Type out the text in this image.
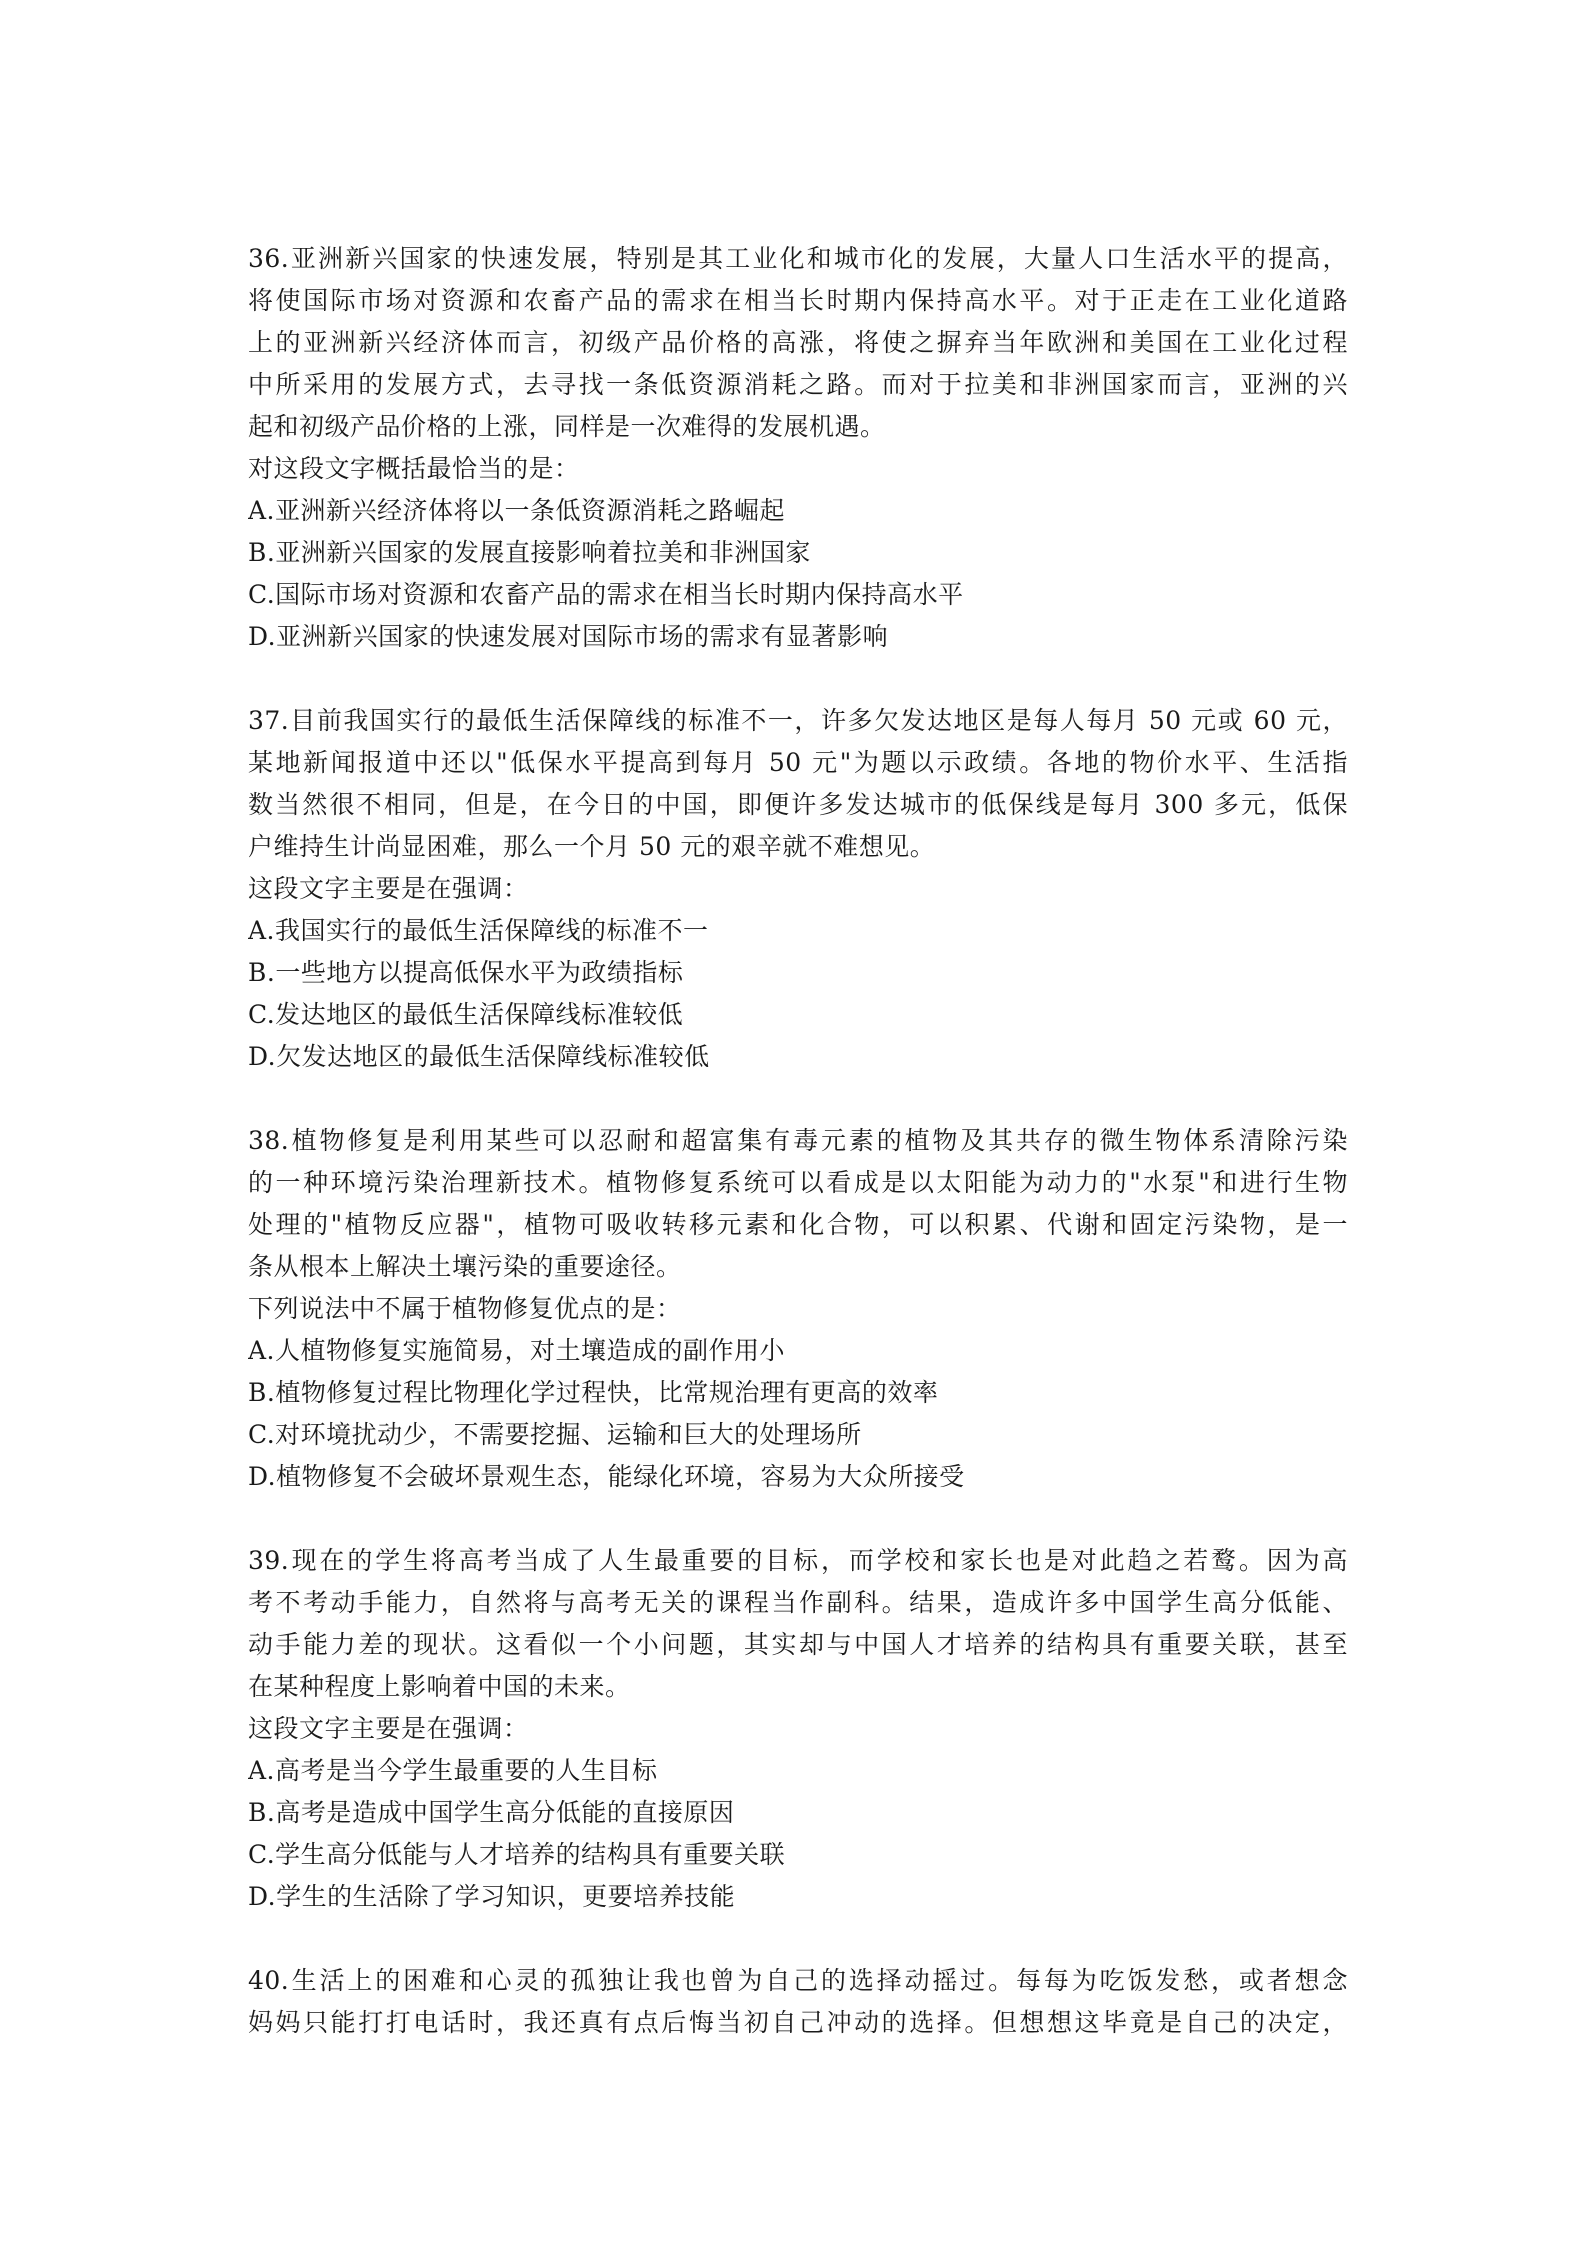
36.亚洲新兴国家的快速发展，特别是其工业化和城市化的发展，大量人口生活水平的提高，
将使国际市场对资源和农畜产品的需求在相当长时期内保持高水平。对于正走在工业化道路
上的亚洲新兴经济体而言，初级产品价格的高涨，将使之摒弃当年欧洲和美国在工业化过程
中所采用的发展方式，去寻找一条低资源消耗之路。而对于拉美和非洲国家而言，亚洲的兴
起和初级产品价格的上涨，同样是一次难得的发展机遇。
对这段文字概括最恰当的是：
A.亚洲新兴经济体将以一条低资源消耗之路崛起
B.亚洲新兴国家的发展直接影响着拉美和非洲国家
C.国际市场对资源和农畜产品的需求在相当长时期内保持高水平
D.亚洲新兴国家的快速发展对国际市场的需求有显著影响
37.目前我国实行的最低生活保障线的标准不一，许多欠发达地区是每人每月 50 元或 60 元，
某地新闻报道中还以"低保水平提高到每月 50 元"为题以示政绩。各地的物价水平、生活指
数当然很不相同，但是，在今日的中国，即便许多发达城市的低保线是每月 300 多元，低保
户维持生计尚显困难，那么一个月 50 元的艰辛就不难想见。
这段文字主要是在强调：
A.我国实行的最低生活保障线的标准不一
B.一些地方以提高低保水平为政绩指标
C.发达地区的最低生活保障线标准较低
D.欠发达地区的最低生活保障线标准较低
38.植物修复是利用某些可以忍耐和超富集有毒元素的植物及其共存的微生物体系清除污染
的一种环境污染治理新技术。植物修复系统可以看成是以太阳能为动力的"水泵"和进行生物
处理的"植物反应器"，植物可吸收转移元素和化合物，可以积累、代谢和固定污染物，是一
条从根本上解决土壤污染的重要途径。
下列说法中不属于植物修复优点的是：
A.人植物修复实施简易，对土壤造成的副作用小
B.植物修复过程比物理化学过程快，比常规治理有更高的效率
C.对环境扰动少，不需要挖掘、运输和巨大的处理场所
D.植物修复不会破坏景观生态，能绿化环境，容易为大众所接受
39.现在的学生将高考当成了人生最重要的目标，而学校和家长也是对此趋之若鹜。因为高
考不考动手能力，自然将与高考无关的课程当作副科。结果，造成许多中国学生高分低能、
动手能力差的现状。这看似一个小问题，其实却与中国人才培养的结构具有重要关联，甚至
在某种程度上影响着中国的未来。
这段文字主要是在强调：
A.高考是当今学生最重要的人生目标
B.高考是造成中国学生高分低能的直接原因
C.学生高分低能与人才培养的结构具有重要关联
D.学生的生活除了学习知识，更要培养技能
40.生活上的困难和心灵的孤独让我也曾为自己的选择动摇过。每每为吃饭发愁，或者想念
妈妈只能打打电话时，我还真有点后悔当初自己冲动的选择。但想想这毕竟是自己的决定，
